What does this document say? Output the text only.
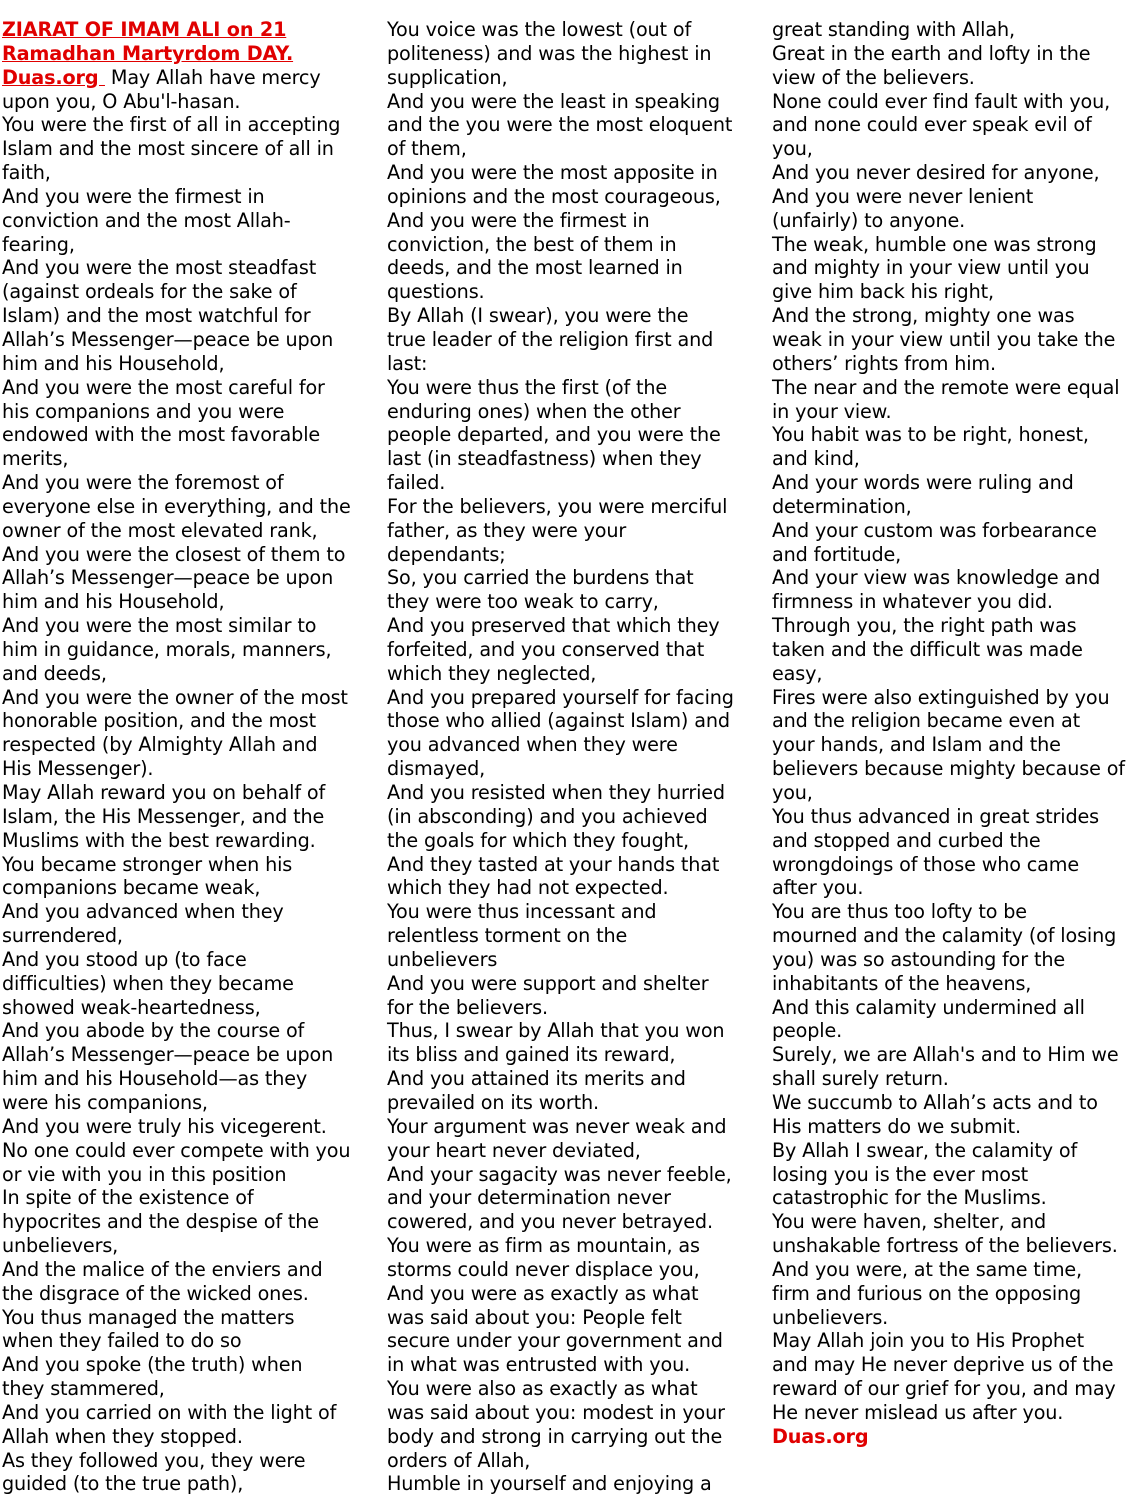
ZIARAT OF IMAM ALI on 21
Ramadhan Martyrdom DAY.
Duas.org  May Allah have mercy
upon you, O Abu'l-hasan.
You were the first of all in accepting
Islam and the most sincere of all in
faith,
And you were the firmest in
conviction and the most Allah-
fearing,
And you were the most steadfast
(against ordeals for the sake of
Islam) and the most watchful for
Allah’s Messenger—peace be upon
him and his Household,
And you were the most careful for
his companions and you were
endowed with the most favorable
merits,
And you were the foremost of
everyone else in everything, and the
owner of the most elevated rank,
And you were the closest of them to
Allah’s Messenger—peace be upon
him and his Household,
And you were the most similar to
him in guidance, morals, manners,
and deeds,
And you were the owner of the most
honorable position, and the most
respected (by Almighty Allah and
His Messenger).
May Allah reward you on behalf of
Islam, the His Messenger, and the
Muslims with the best rewarding.
You became stronger when his
companions became weak,
And you advanced when they
surrendered,
And you stood up (to face
difficulties) when they became
showed weak-heartedness,
And you abode by the course of
Allah’s Messenger—peace be upon
him and his Household—as they
were his companions,
And you were truly his vicegerent.
No one could ever compete with you
or vie with you in this position
In spite of the existence of
hypocrites and the despise of the
unbelievers,
And the malice of the enviers and
the disgrace of the wicked ones.
You thus managed the matters
when they failed to do so
And you spoke (the truth) when
they stammered,
And you carried on with the light of
Allah when they stopped.
As they followed you, they were
guided (to the true path),
You voice was the lowest (out of
politeness) and was the highest in
supplication,
And you were the least in speaking
and the you were the most eloquent
of them,
And you were the most apposite in
opinions and the most courageous,
And you were the firmest in
conviction, the best of them in
deeds, and the most learned in
questions.
By Allah (I swear), you were the
true leader of the religion first and
last:
You were thus the first (of the
enduring ones) when the other
people departed, and you were the
last (in steadfastness) when they
failed.
For the believers, you were merciful
father, as they were your
dependants;
So, you carried the burdens that
they were too weak to carry,
And you preserved that which they
forfeited, and you conserved that
which they neglected,
And you prepared yourself for facing
those who allied (against Islam) and
you advanced when they were
dismayed,
And you resisted when they hurried
(in absconding) and you achieved
the goals for which they fought,
And they tasted at your hands that
which they had not expected.
You were thus incessant and
relentless torment on the
unbelievers
And you were support and shelter
for the believers.
Thus, I swear by Allah that you won
its bliss and gained its reward,
And you attained its merits and
prevailed on its worth.
Your argument was never weak and
your heart never deviated,
And your sagacity was never feeble,
and your determination never
cowered, and you never betrayed.
You were as firm as mountain, as
storms could never displace you,
And you were as exactly as what
was said about you: People felt
secure under your government and
in what was entrusted with you.
You were also as exactly as what
was said about you: modest in your
body and strong in carrying out the
orders of Allah,
Humble in yourself and enjoying a
great standing with Allah,
Great in the earth and lofty in the
view of the believers.
None could ever find fault with you,
and none could ever speak evil of
you,
And you never desired for anyone,
And you were never lenient
(unfairly) to anyone.
The weak, humble one was strong
and mighty in your view until you
give him back his right,
And the strong, mighty one was
weak in your view until you take the
others’ rights from him.
The near and the remote were equal
in your view.
You habit was to be right, honest,
and kind,
And your words were ruling and
determination,
And your custom was forbearance
and fortitude,
And your view was knowledge and
firmness in whatever you did.
Through you, the right path was
taken and the difficult was made
easy,
Fires were also extinguished by you
and the religion became even at
your hands, and Islam and the
believers because mighty because of
you,
You thus advanced in great strides
and stopped and curbed the
wrongdoings of those who came
after you.
You are thus too lofty to be
mourned and the calamity (of losing
you) was so astounding for the
inhabitants of the heavens,
And this calamity undermined all
people.
Surely, we are Allah's and to Him we
shall surely return.
We succumb to Allah’s acts and to
His matters do we submit.
By Allah I swear, the calamity of
losing you is the ever most
catastrophic for the Muslims.
You were haven, shelter, and
unshakable fortress of the believers.
And you were, at the same time,
firm and furious on the opposing
unbelievers.
May Allah join you to His Prophet
and may He never deprive us of the
reward of our grief for you, and may
He never mislead us after you.
Duas.org
